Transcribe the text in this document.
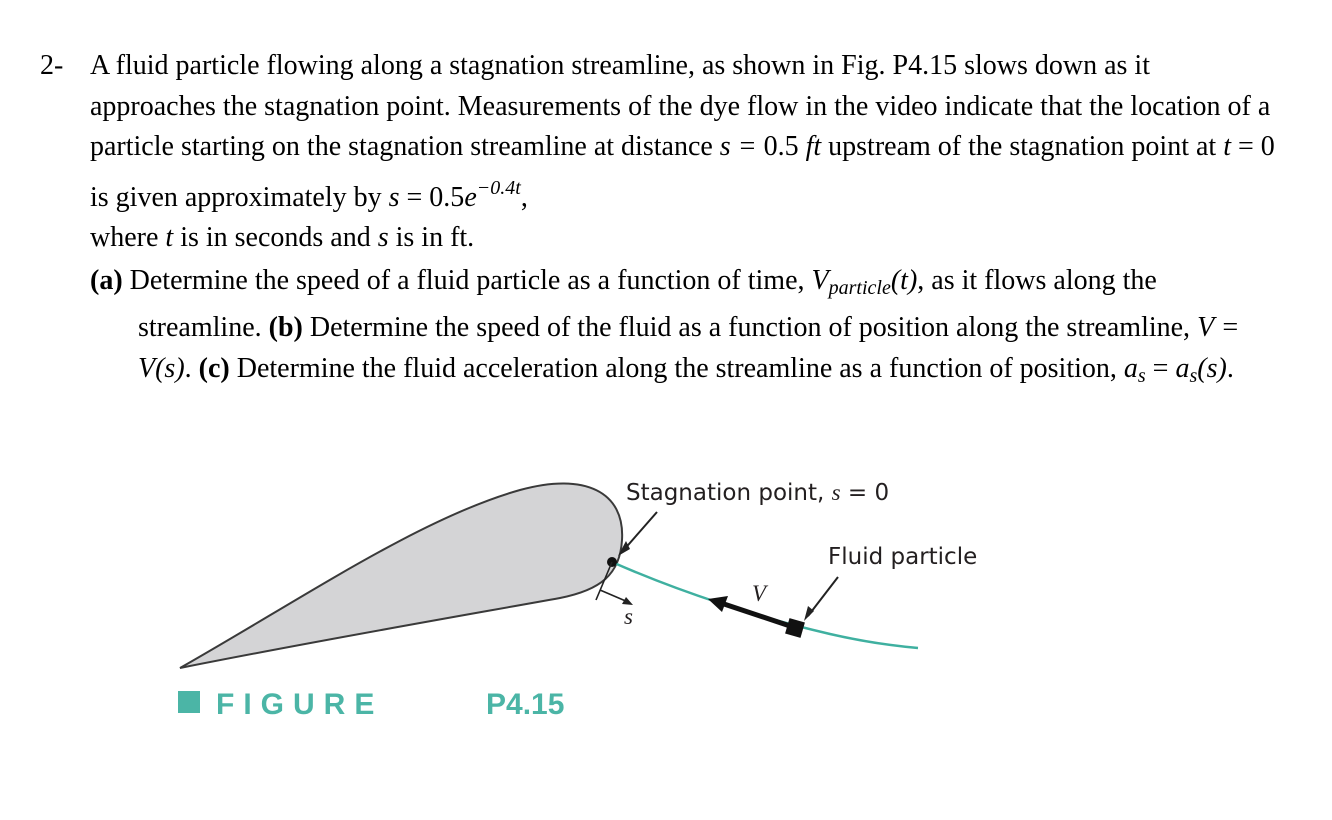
2- A fluid particle flowing along a stagnation streamline, as shown in Fig. P4.15 slows down as it approaches the stagnation point. Measurements of the dye flow in the video indicate that the location of a particle starting on the stagnation streamline at distance s = 0.5 ft upstream of the stagnation point at t = 0 is given approximately by $s = 0.5e^{-0.4t}$,
where t is in seconds and s is in ft.
(a) Determine the speed of a fluid particle as a function of time, $V_{particle}(t)$, as it flows along the streamline. (b) Determine the speed of the fluid as a function of position along the streamline, V = V(s). (c) Determine the fluid acceleration along the streamline as a function of position, $a_s = a_s(s)$.
Stagnation point, s = 0
Fluid particle
V
s
FIGURE	P4.15
